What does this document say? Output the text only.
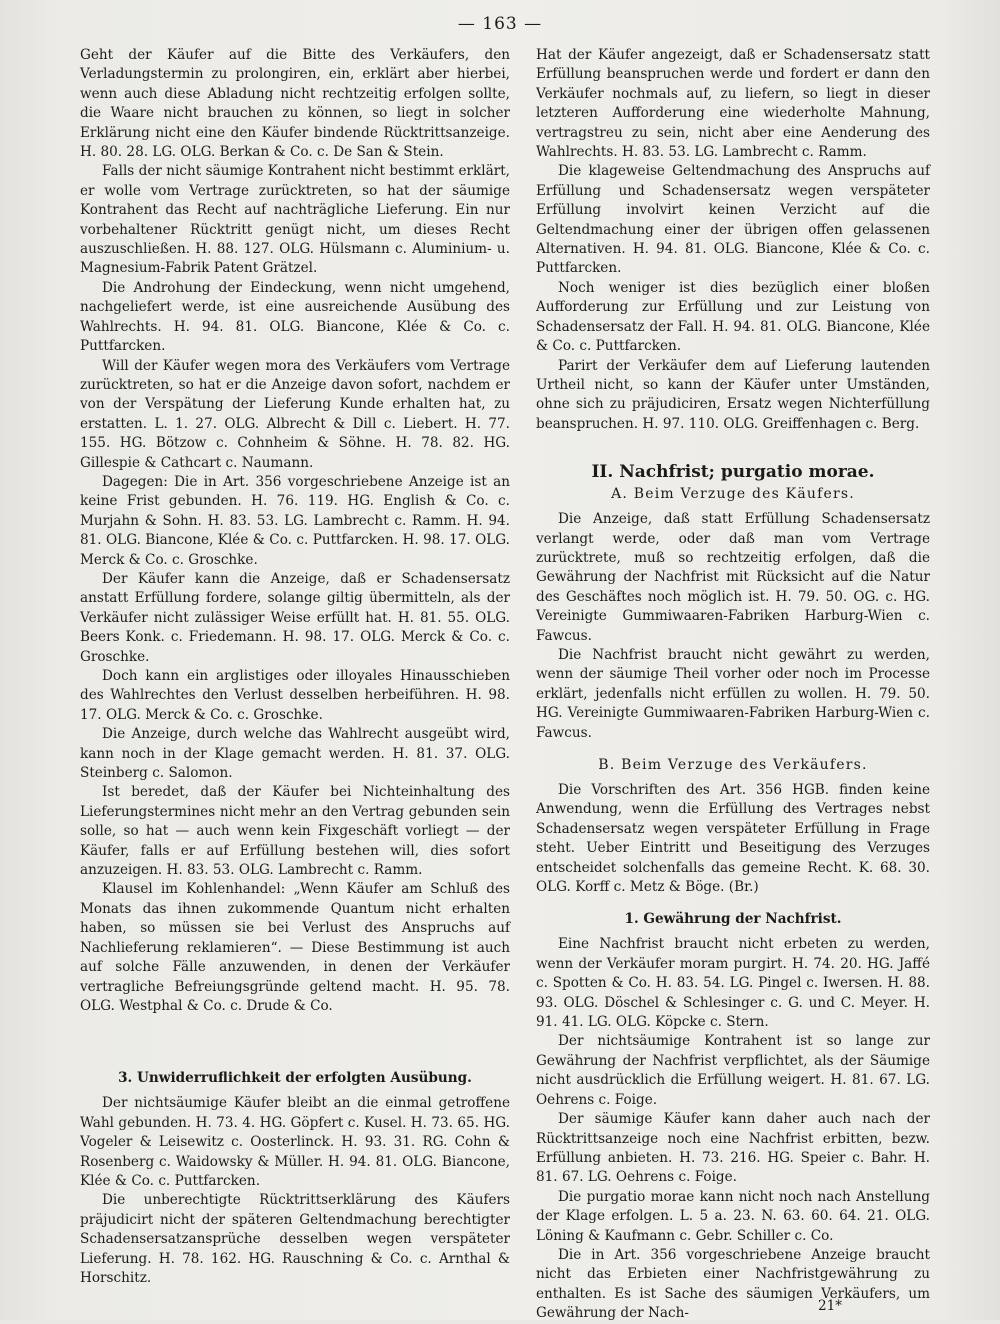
— 163 —

Geht der Käufer auf die Bitte des Verkäufers, den Verladungstermin zu prolongiren, ein, erklärt aber hierbei, wenn auch diese Abladung nicht rechtzeitig erfolgen sollte, die Waare nicht brauchen zu können, so liegt in solcher Erklärung nicht eine den Käufer bindende Rücktrittsanzeige. H. 80. 28. LG. OLG. Berkan & Co. c. De San & Stein.

Falls der nicht säumige Kontrahent nicht bestimmt erklärt, er wolle vom Vertrage zurücktreten, so hat der säumige Kontrahent das Recht auf nachträgliche Lieferung. Ein nur vorbehaltener Rücktritt genügt nicht, um dieses Recht auszuschließen. H. 88. 127. OLG. Hülsmann c. Aluminium- u. Magnesium-Fabrik Patent Grätzel.

Die Androhung der Eindeckung, wenn nicht umgehend, nachgeliefert werde, ist eine ausreichende Ausübung des Wahlrechts. H. 94. 81. OLG. Biancone, Klée & Co. c. Puttfarcken.

Will der Käufer wegen mora des Verkäufers vom Vertrage zurücktreten, so hat er die Anzeige davon sofort, nachdem er von der Verspätung der Lieferung Kunde erhalten hat, zu erstatten. L. 1. 27. OLG. Albrecht & Dill c. Liebert. H. 77. 155. HG. Bötzow c. Cohnheim & Söhne. H. 78. 82. HG. Gillespie & Cathcart c. Naumann.

Dagegen: Die in Art. 356 vorgeschriebene Anzeige ist an keine Frist gebunden. H. 76. 119. HG. English & Co. c. Murjahn & Sohn. H. 83. 53. LG. Lambrecht c. Ramm. H. 94. 81. OLG. Biancone, Klée & Co. c. Puttfarcken. H. 98. 17. OLG. Merck & Co. c. Groschke.

Der Käufer kann die Anzeige, daß er Schadensersatz anstatt Erfüllung fordere, solange giltig übermitteln, als der Verkäufer nicht zulässiger Weise erfüllt hat. H. 81. 55. OLG. Beers Konk. c. Friedemann. H. 98. 17. OLG. Merck & Co. c. Groschke.

Doch kann ein arglistiges oder illoyales Hinausschieben des Wahlrechtes den Verlust desselben herbeiführen. H. 98. 17. OLG. Merck & Co. c. Groschke.

Die Anzeige, durch welche das Wahlrecht ausgeübt wird, kann noch in der Klage gemacht werden. H. 81. 37. OLG. Steinberg c. Salomon.

Ist beredet, daß der Käufer bei Nichteinhaltung des Lieferungstermines nicht mehr an den Vertrag gebunden sein solle, so hat — auch wenn kein Fixgeschäft vorliegt — der Käufer, falls er auf Erfüllung bestehen will, dies sofort anzuzeigen. H. 83. 53. OLG. Lambrecht c. Ramm.

Klausel im Kohlenhandel: „Wenn Käufer am Schluß des Monats das ihnen zukommende Quantum nicht erhalten haben, so müssen sie bei Verlust des Anspruchs auf Nachlieferung reklamieren“. — Diese Bestimmung ist auch auf solche Fälle anzuwenden, in denen der Verkäufer vertragliche Befreiungsgründe geltend macht. H. 95. 78. OLG. Westphal & Co. c. Drude & Co.

3. Unwiderruflichkeit der erfolgten Ausübung.

Der nichtsäumige Käufer bleibt an die einmal getroffene Wahl gebunden. H. 73. 4. HG. Göpfert c. Kusel. H. 73. 65. HG. Vogeler & Leisewitz c. Oosterlinck. H. 93. 31. RG. Cohn & Rosenberg c. Waidowsky & Müller. H. 94. 81. OLG. Biancone, Klée & Co. c. Puttfarcken.

Die unberechtigte Rücktrittserklärung des Käufers präjudicirt nicht der späteren Geltendmachung berechtigter Schadensersatzansprüche desselben wegen verspäteter Lieferung. H. 78. 162. HG. Rauschning & Co. c. Arnthal & Horschitz.

Hat der Käufer angezeigt, daß er Schadensersatz statt Erfüllung beanspruchen werde und fordert er dann den Verkäufer nochmals auf, zu liefern, so liegt in dieser letzteren Aufforderung eine wiederholte Mahnung, vertragstreu zu sein, nicht aber eine Aenderung des Wahlrechts. H. 83. 53. LG. Lambrecht c. Ramm.

Die klageweise Geltendmachung des Anspruchs auf Erfüllung und Schadensersatz wegen verspäteter Erfüllung involvirt keinen Verzicht auf die Geltendmachung einer der übrigen offen gelassenen Alternativen. H. 94. 81. OLG. Biancone, Klée & Co. c. Puttfarcken.

Noch weniger ist dies bezüglich einer bloßen Aufforderung zur Erfüllung und zur Leistung von Schadensersatz der Fall. H. 94. 81. OLG. Biancone, Klée & Co. c. Puttfarcken.

Parirt der Verkäufer dem auf Lieferung lautenden Urtheil nicht, so kann der Käufer unter Umständen, ohne sich zu präjudiciren, Ersatz wegen Nichterfüllung beanspruchen. H. 97. 110. OLG. Greiffenhagen c. Berg.

II. Nachfrist; purgatio morae.
A. Beim Verzuge des Käufers.

Die Anzeige, daß statt Erfüllung Schadensersatz verlangt werde, oder daß man vom Vertrage zurücktrete, muß so rechtzeitig erfolgen, daß die Gewährung der Nachfrist mit Rücksicht auf die Natur des Geschäftes noch möglich ist. H. 79. 50. OG. c. HG. Vereinigte Gummiwaaren-Fabriken Harburg-Wien c. Fawcus.

Die Nachfrist braucht nicht gewährt zu werden, wenn der säumige Theil vorher oder noch im Processe erklärt, jedenfalls nicht erfüllen zu wollen. H. 79. 50. HG. Vereinigte Gummiwaaren-Fabriken Harburg-Wien c. Fawcus.

B. Beim Verzuge des Verkäufers.

Die Vorschriften des Art. 356 HGB. finden keine Anwendung, wenn die Erfüllung des Vertrages nebst Schadensersatz wegen verspäteter Erfüllung in Frage steht. Ueber Eintritt und Beseitigung des Verzuges entscheidet solchenfalls das gemeine Recht. K. 68. 30. OLG. Korff c. Metz & Böge. (Br.)

1. Gewährung der Nachfrist.

Eine Nachfrist braucht nicht erbeten zu werden, wenn der Verkäufer moram purgirt. H. 74. 20. HG. Jaffé c. Spotten & Co. H. 83. 54. LG. Pingel c. Iwersen. H. 88. 93. OLG. Döschel & Schlesinger c. G. und C. Meyer. H. 91. 41. LG. OLG. Köpcke c. Stern.

Der nichtsäumige Kontrahent ist so lange zur Gewährung der Nachfrist verpflichtet, als der Säumige nicht ausdrücklich die Erfüllung weigert. H. 81. 67. LG. Oehrens c. Foige.

Der säumige Käufer kann daher auch nach der Rücktrittsanzeige noch eine Nachfrist erbitten, bezw. Erfüllung anbieten. H. 73. 216. HG. Speier c. Bahr. H. 81. 67. LG. Oehrens c. Foige.

Die purgatio morae kann nicht noch nach Anstellung der Klage erfolgen. L. 5 a. 23. N. 63. 60. 64. 21. OLG. Löning & Kaufmann c. Gebr. Schiller c. Co.

Die in Art. 356 vorgeschriebene Anzeige braucht nicht das Erbieten einer Nachfristgewährung zu enthalten. Es ist Sache des säumigen Verkäufers, um Gewährung der Nach-	21*
